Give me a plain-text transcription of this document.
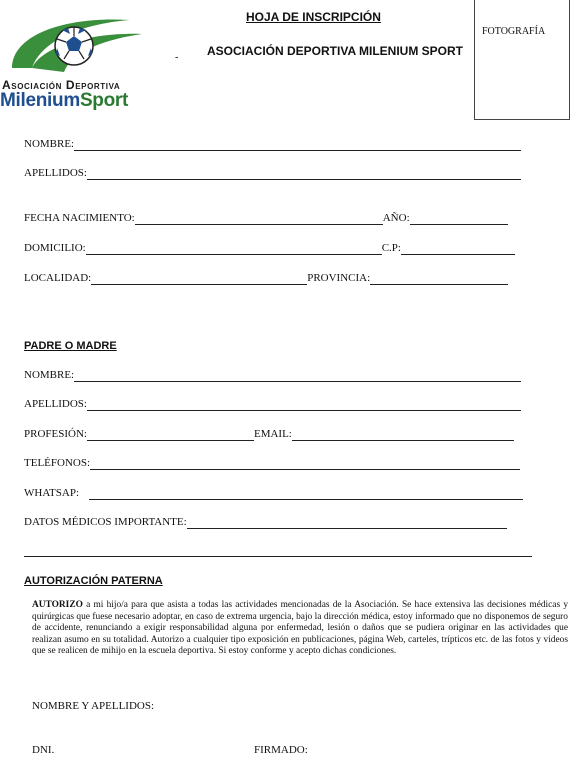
Asociación Deportiva
MileniumSport
HOJA DE INSCRIPCIÓN
- ASOCIACIÓN DEPORTIVA MILENIUM SPORT
FOTOGRAFÍA
NOMBRE:
APELLIDOS:
FECHA NACIMIENTO:	AÑO:
DOMICILIO:	C.P:
LOCALIDAD:	PROVINCIA:
PADRE O MADRE
NOMBRE:
APELLIDOS:
PROFESIÓN:	EMAIL:
TELÉFONOS:
WHATSAP:
DATOS MÉDICOS IMPORTANTE:
AUTORIZACIÓN PATERNA
AUTORIZO a mi hijo/a para que asista a todas las actividades mencionadas de la Asociación. Se hace extensiva las decisiones médicas y quirúrgicas que fuese necesario adoptar, en caso de extrema urgencia, bajo la dirección médica, estoy informado que no disponemos de seguro de accidente, renunciando a exigir responsabilidad alguna por enfermedad, lesión o daños que se pudiera originar en las actividades que realizan asumo en su totalidad. Autorizo a cualquier tipo exposición en publicaciones, página Web, carteles, trípticos etc. de las fotos y videos que se realicen de mihijo en la escuela deportiva. Si estoy conforme y acepto dichas condiciones.
NOMBRE Y APELLIDOS:
DNI.	FIRMADO:
